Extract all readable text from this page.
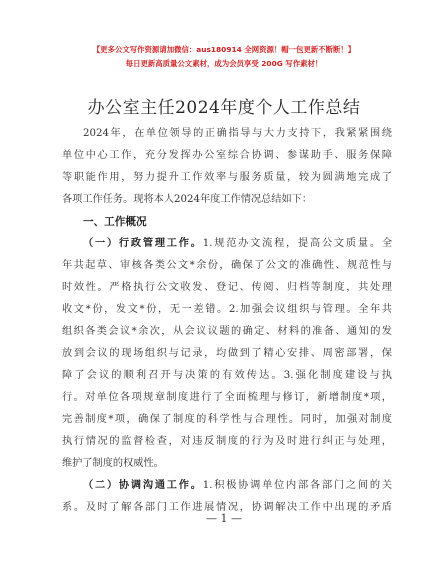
【更多公文写作资源请加微信：aus180914 全网资源！帽一包更新不断断！】
每日更新高质量公文素材，成为会员享受 200G 写作素材！
办公室主任2024年度个人工作总结
2024年，在单位领导的正确指导与大力支持下，我紧紧围绕
单位中心工作，充分发挥办公室综合协调、参谋助手、服务保障
等职能作用，努力提升工作效率与服务质量，较为圆满地完成了
各项工作任务。现将本人2024年度工作情况总结如下：
一、工作概况
（一）行政管理工作。1.规范办文流程，提高公文质量。全
年共起草、审核各类公文*余份，确保了公文的准确性、规范性与
时效性。严格执行公文收发、登记、传阅、归档等制度，共处理
收文*份，发文*份，无一差错。2.加强会议组织与管理。全年共
组织各类会议*余次，从会议议题的确定、材料的准备、通知的发
放到会议的现场组织与记录，均做到了精心安排、周密部署，保
障了会议的顺利召开与决策的有效传达。3.强化制度建设与执
行。对单位各项规章制度进行了全面梳理与修订，新增制度*项，
完善制度*项，确保了制度的科学性与合理性。同时，加强对制度
执行情况的监督检查，对违反制度的行为及时进行纠正与处理，
维护了制度的权威性。
（二）协调沟通工作。1.积极协调单位内部各部门之间的关
系。及时了解各部门工作进展情况，协调解决工作中出现的矛盾
— 1 —
